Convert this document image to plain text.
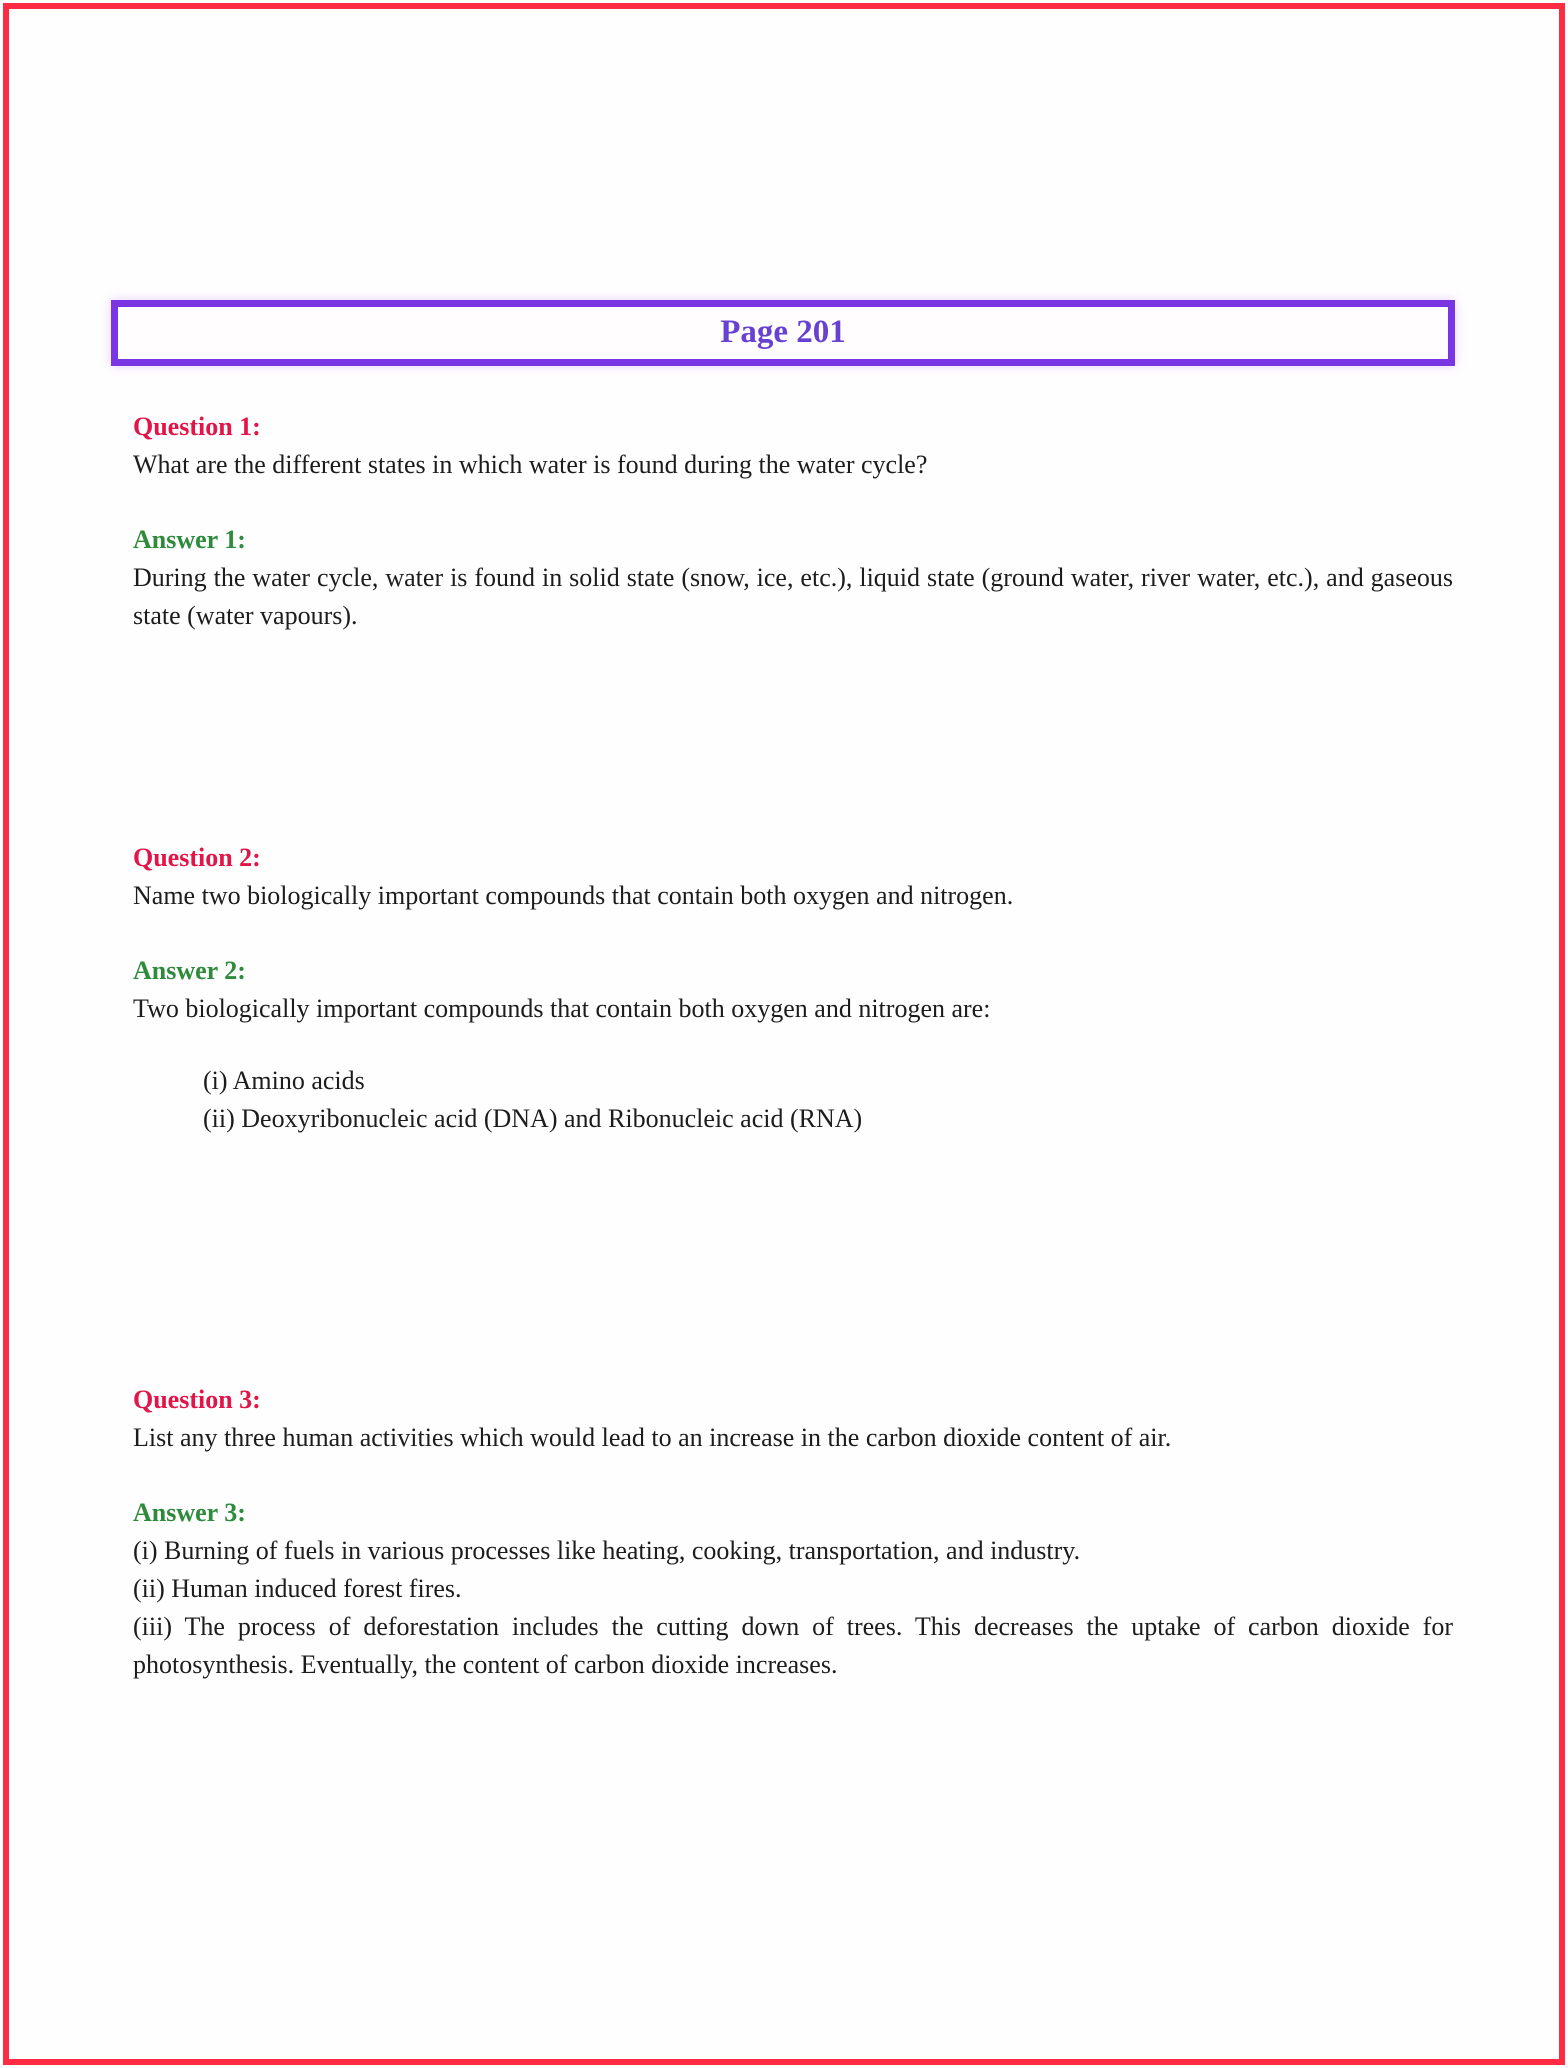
Page 201
Question 1:
What are the different states in which water is found during the water cycle?
Answer 1:
During the water cycle, water is found in solid state (snow, ice, etc.), liquid state (ground water, river water, etc.), and gaseous state (water vapours).
Question 2:
Name two biologically important compounds that contain both oxygen and nitrogen.
Answer 2:
Two biologically important compounds that contain both oxygen and nitrogen are:
(i) Amino acids
(ii) Deoxyribonucleic acid (DNA) and Ribonucleic acid (RNA)
Question 3:
List any three human activities which would lead to an increase in the carbon dioxide content of air.
Answer 3:
(i) Burning of fuels in various processes like heating, cooking, transportation, and industry.
(ii) Human induced forest fires.
(iii) The process of deforestation includes the cutting down of trees. This decreases the uptake of carbon dioxide for photosynthesis. Eventually, the content of carbon dioxide increases.
